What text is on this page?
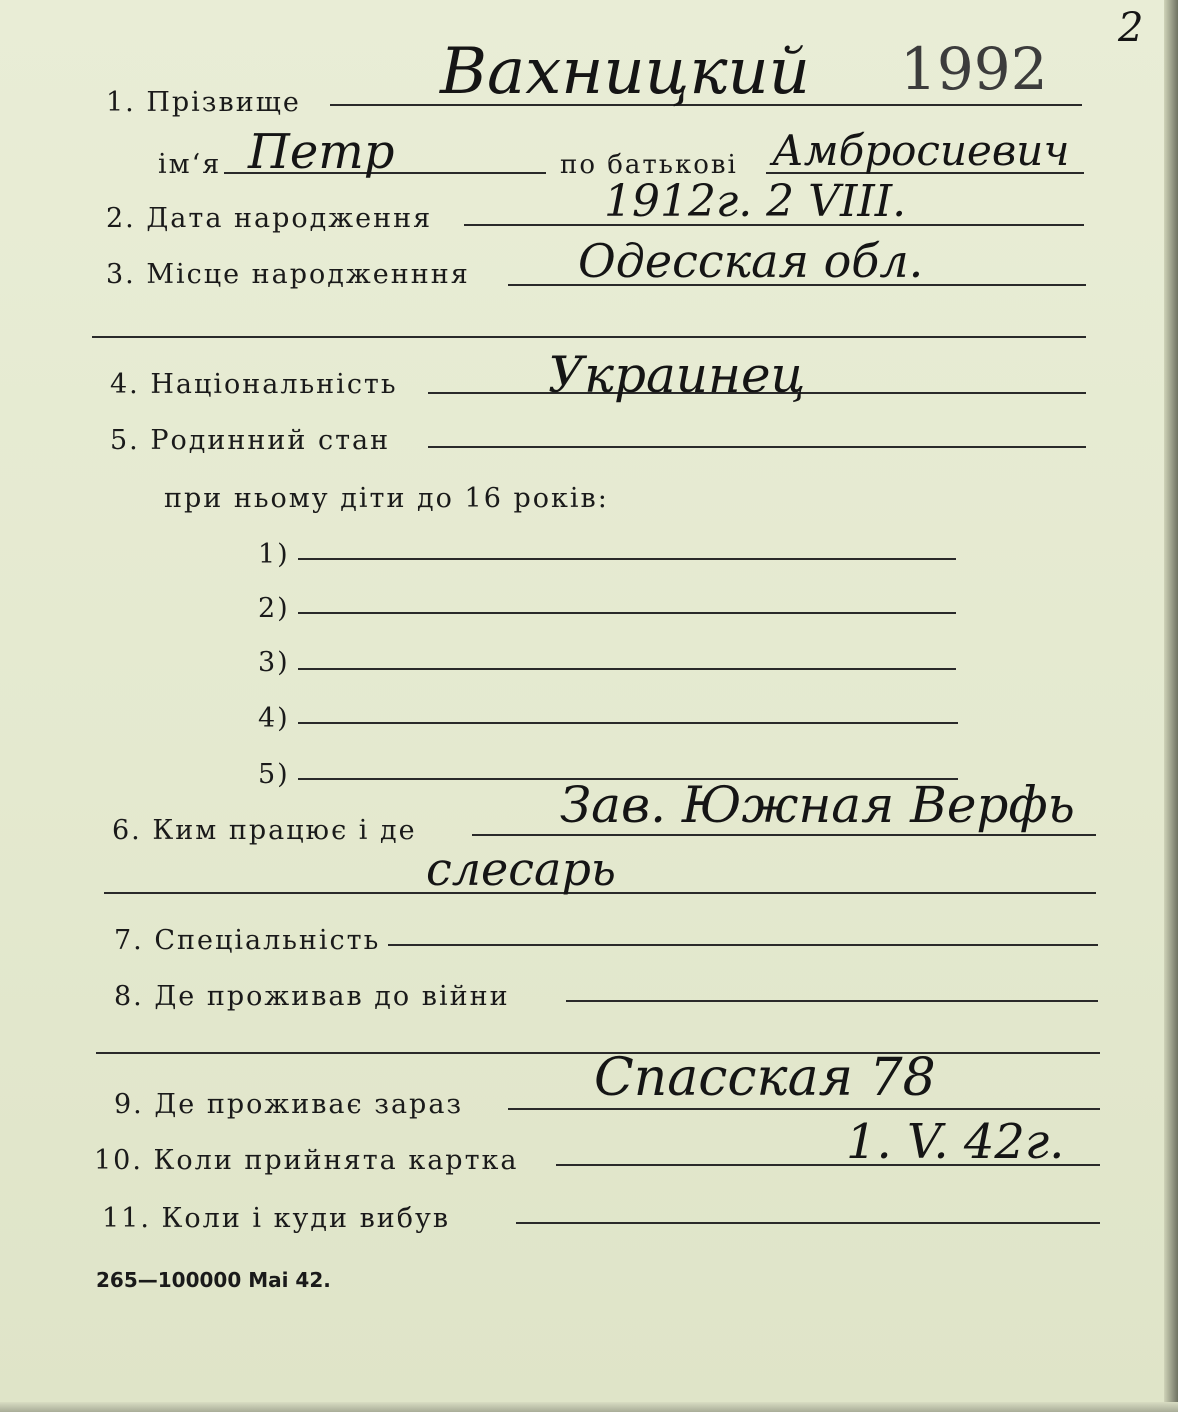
2
1. Прізвище Вахницкий 1992
ім‘я Петр	по батькові Амбросиевич
2. Дата народження	1912г. 2 VIII.
3. Місце народженння Одесская обл.
4. Національність	Украинец
5. Родинний стан
при ньому діти до 16 років:
1)
2)
3)
4)
5)
6. Ким працює і де	Зав. Южная Верфь
слесарь
7. Спеціальність
8. Де проживав до війни
9. Де проживає зараз	Спасская 78
10. Коли прийнята картка	1. V. 42г.
11. Коли і куди вибув
265—100000 Mai 42.
